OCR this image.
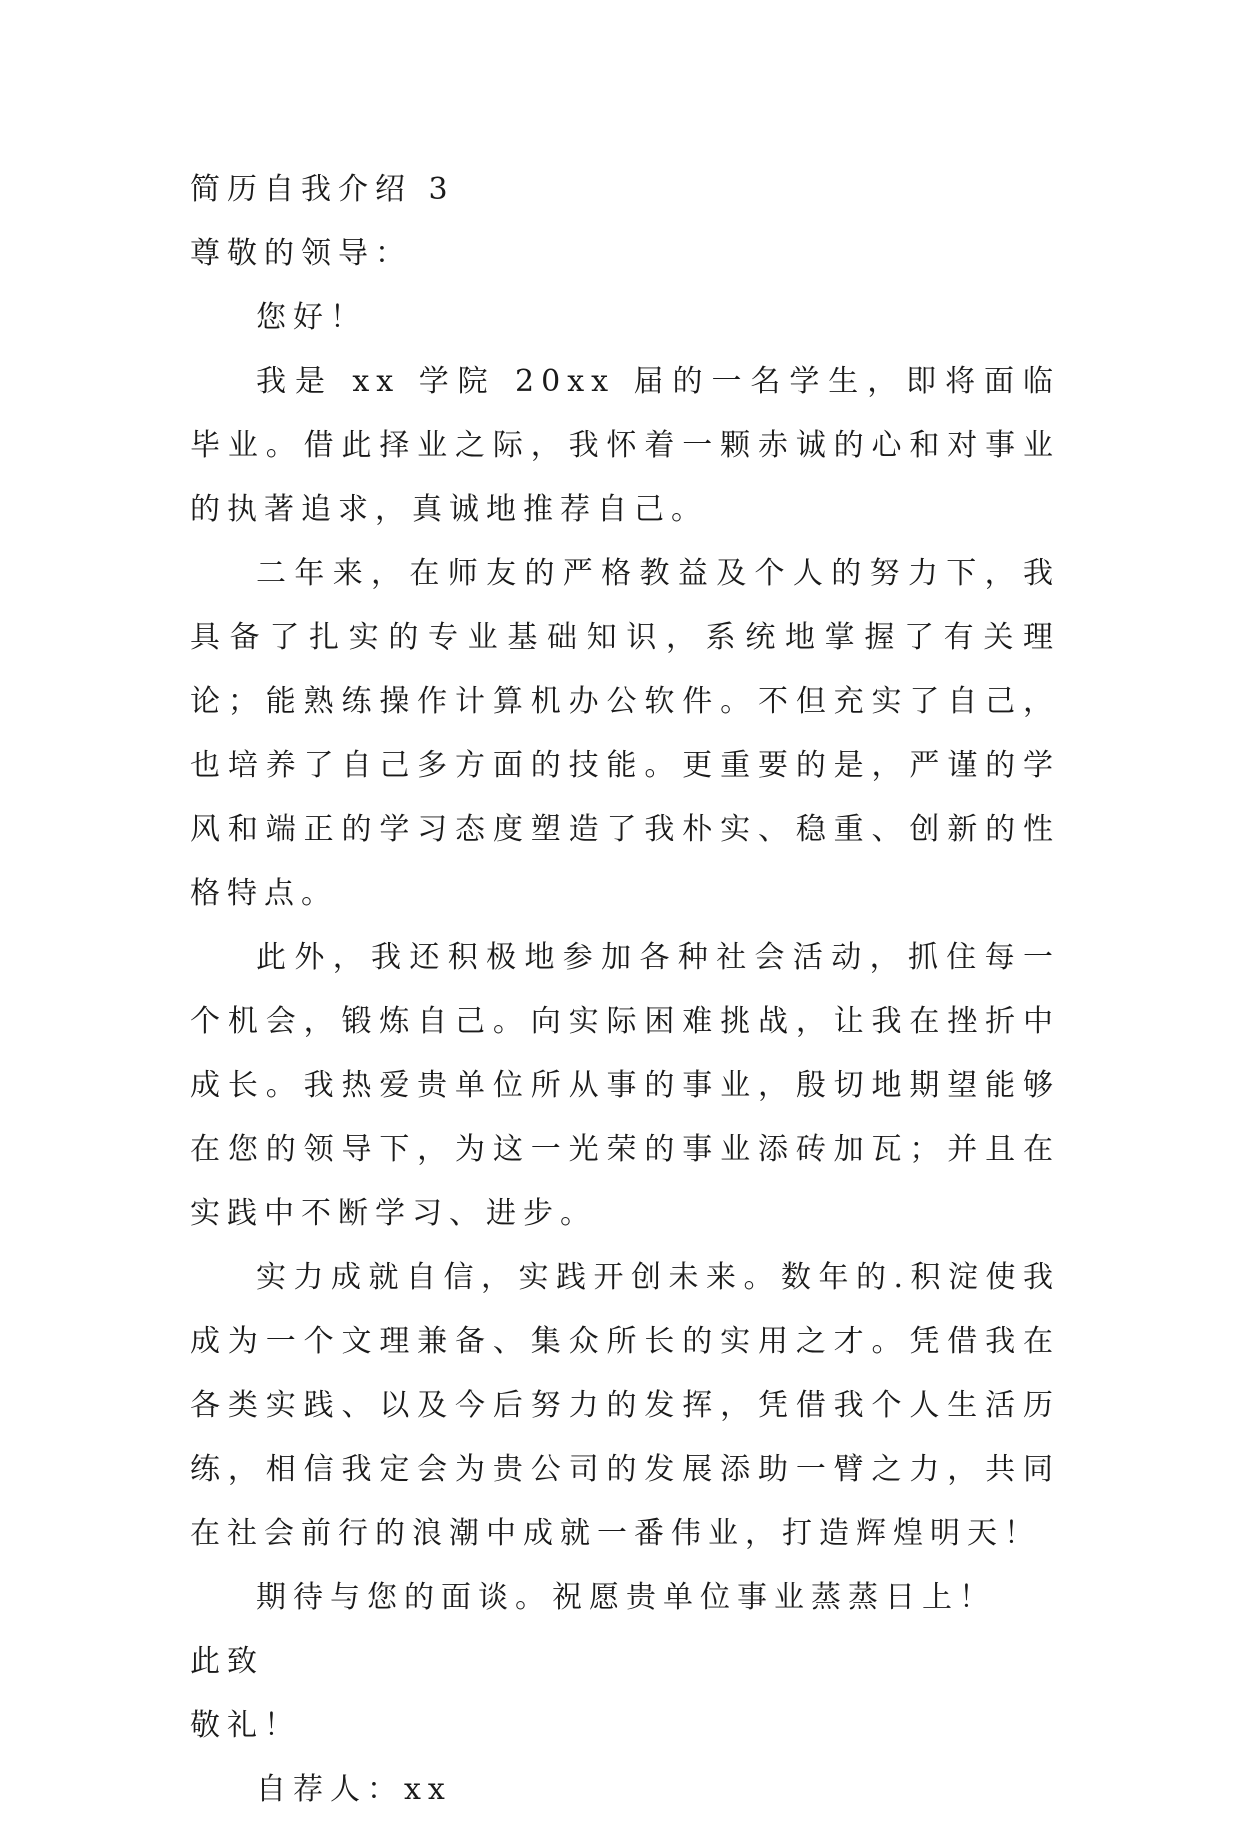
简历自我介绍 3
尊敬的领导：
您好！

我是 xx 学院 20xx 届的一名学生，即将面临毕业。借此择业之际，我怀着一颗赤诚的心和对事业的执著追求，真诚地推荐自己。

二年来，在师友的严格教益及个人的努力下，我具备了扎实的专业基础知识，系统地掌握了有关理论；能熟练操作计算机办公软件。不但充实了自己，也培养了自己多方面的技能。更重要的是，严谨的学风和端正的学习态度塑造了我朴实、稳重、创新的性格特点。

此外，我还积极地参加各种社会活动，抓住每一个机会，锻炼自己。向实际困难挑战，让我在挫折中成长。我热爱贵单位所从事的事业，殷切地期望能够在您的领导下，为这一光荣的事业添砖加瓦；并且在实践中不断学习、进步。

实力成就自信，实践开创未来。数年的.积淀使我成为一个文理兼备、集众所长的实用之才。凭借我在各类实践、以及今后努力的发挥，凭借我个人生活历练，相信我定会为贵公司的发展添助一臂之力，共同在社会前行的浪潮中成就一番伟业，打造辉煌明天！

期待与您的面谈。祝愿贵单位事业蒸蒸日上！

此致
敬礼！
自荐人：xx
